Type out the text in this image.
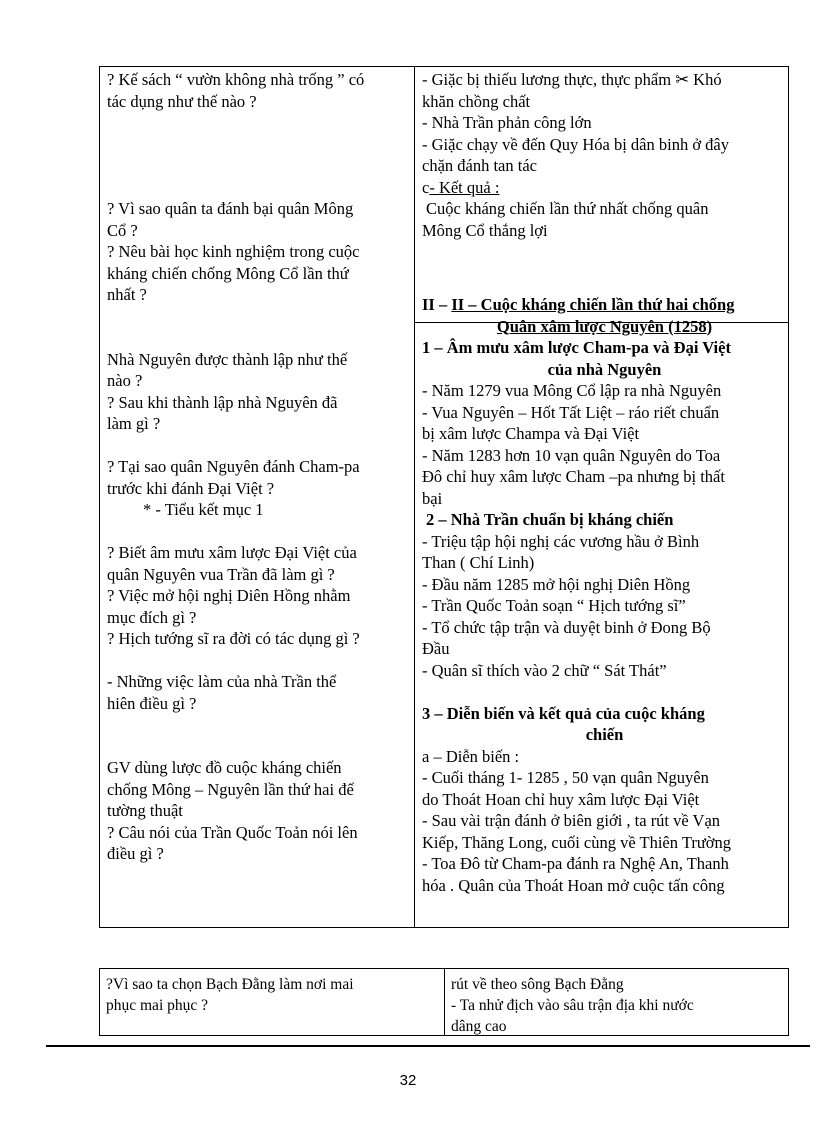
? Kế sách “ vườn không nhà trống ” có
tác dụng như thế nào ?
? Vì sao quân ta đánh bại quân Mông
Cổ ?
? Nêu bài học kinh nghiệm trong cuộc
kháng chiến chống Mông Cổ lần thứ
nhất ?
Nhà Nguyên được thành lập như thế
nào ?
? Sau khi thành lập nhà Nguyên đã
làm gì ?
? Tại sao quân Nguyên đánh Cham-pa
trước khi đánh Đại Việt ?
* - Tiểu kết mục 1
? Biết âm mưu xâm lược Đại Việt của
quân Nguyên vua Trần đã làm gì ?
? Việc mở hội nghị Diên Hồng nhằm
mục đích gì ?
? Hịch tướng sĩ ra đời có tác dụng gì ?
- Những việc làm của nhà Trần thể
hiên điều gì ?
GV dùng lược đồ cuộc kháng chiến
chống Mông – Nguyên lần thứ hai để
tường thuật
? Câu nói của Trần Quốc Toản nói lên
điều gì ?
- Giặc bị thiếu lương thực, thực phẩm ✂ Khó
khăn chồng chất
- Nhà Trần phản công lớn
- Giặc chạy về đến Quy Hóa bị dân binh ở đây
chặn đánh tan tác
c- Kết quả :
Cuộc kháng chiến lần thứ nhất chống quân
Mông Cổ thắng lợi
II – II – Cuộc kháng chiến lần thứ hai chống
Quân xâm lược Nguyên (1258)
1 – Âm mưu xâm lược Cham-pa và Đại Việt
của nhà Nguyên
- Năm 1279 vua Mông Cổ lập ra nhà Nguyên
- Vua Nguyên – Hốt Tất Liệt – ráo riết chuẩn
bị xâm lược Champa và Đại Việt
- Năm 1283 hơn 10 vạn quân Nguyên do Toa
Đô chỉ huy xâm lược Cham –pa nhưng bị thất
bại
2 – Nhà Trần chuẩn bị kháng chiến
- Triệu tập hội nghị các vương hầu ở Bình
Than ( Chí Linh)
- Đầu năm 1285 mở hội nghị Diên Hồng
- Trần Quốc Toản soạn “ Hịch tướng sĩ”
- Tổ chức tập trận và duyệt binh ở Đong Bộ
Đầu
- Quân sĩ thích vào 2 chữ “ Sát Thát”
3 – Diễn biến và kết quả của cuộc kháng
chiến
a – Diễn biến :
- Cuối tháng 1- 1285 , 50 vạn quân Nguyên
do Thoát Hoan chỉ huy xâm lược Đại Việt
- Sau vài trận đánh ở biên giới , ta rút về Vạn
Kiếp, Thăng Long, cuối cùng về Thiên Trường
- Toa Đô từ Cham-pa đánh ra Nghệ An, Thanh
hóa . Quân của Thoát Hoan mở cuộc tấn công
?Vì sao ta chọn Bạch Đằng làm nơi mai
phục mai phục ?
rút về theo sông Bạch Đằng
- Ta nhử địch vào sâu trận địa khi nước
dâng cao
32
